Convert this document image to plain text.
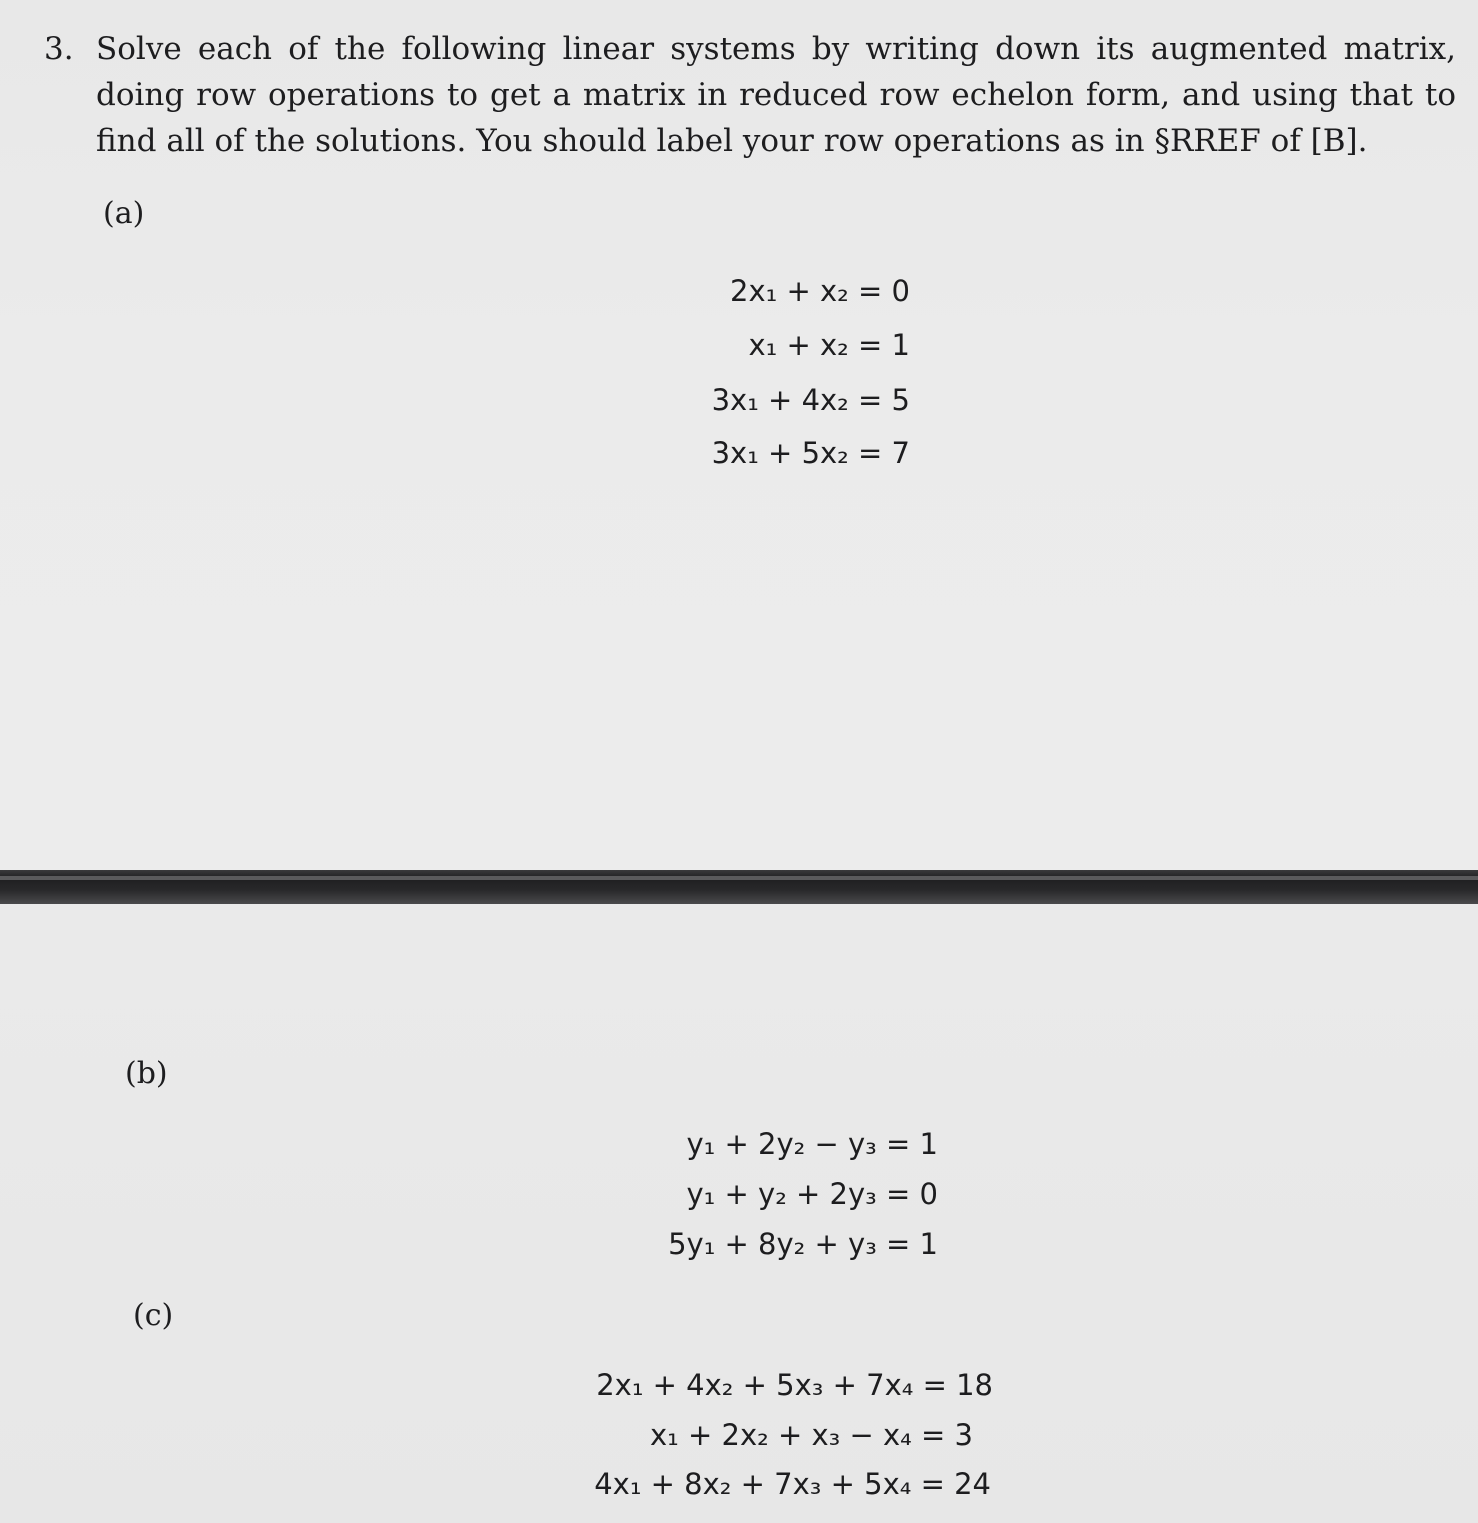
3. Solve each of the following linear systems by writing down its augmented matrix, doing row operations to get a matrix in reduced row echelon form, and using that to find all of the solutions. You should label your row operations as in §RREF of [B].
(a)
2x₁ + x₂ = 0
x₁ + x₂ = 1
3x₁ + 4x₂ = 5
3x₁ + 5x₂ = 7
(b)
y₁ + 2y₂ − y₃ = 1
y₁ + y₂ + 2y₃ = 0
5y₁ + 8y₂ + y₃ = 1
(c)
2x₁ + 4x₂ + 5x₃ + 7x₄ = 18
x₁ + 2x₂ + x₃ − x₄ = 3
4x₁ + 8x₂ + 7x₃ + 5x₄ = 24
